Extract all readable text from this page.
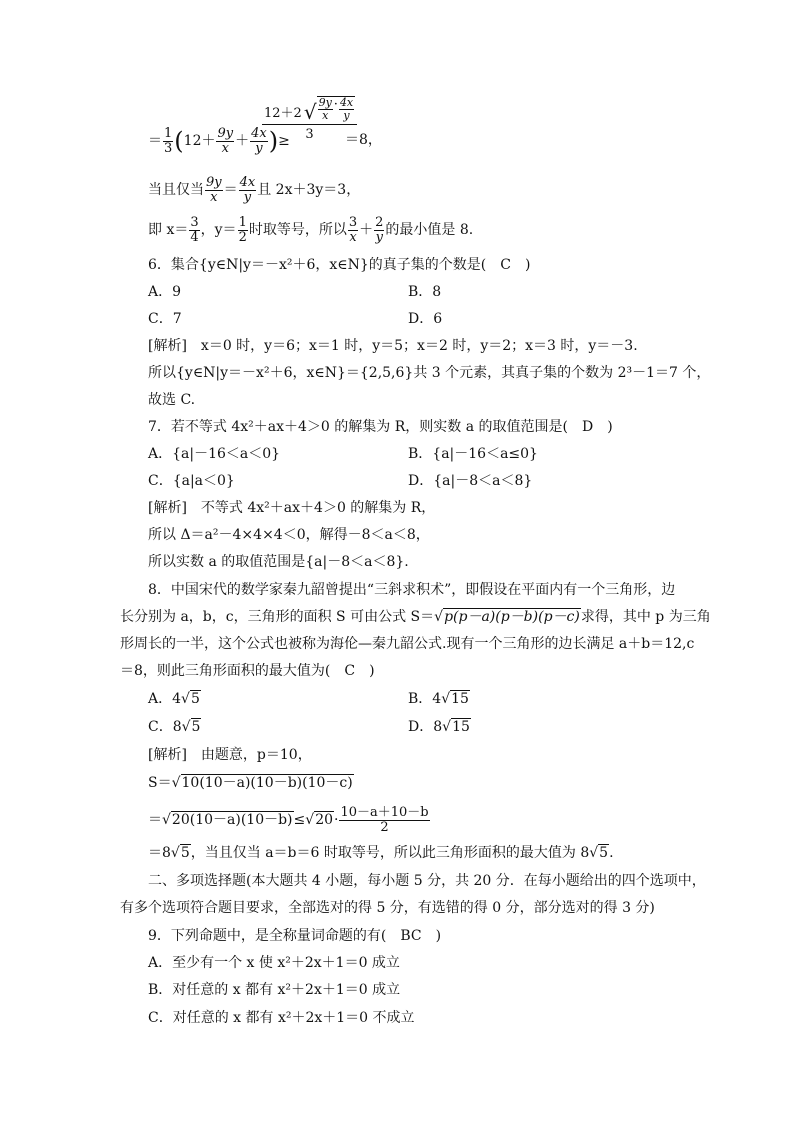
＝ $\frac{1}{3} (12+ \frac{9y}{x} + \frac{4x}{y}$ )≥
12＋2 √ $\frac{9y}{x} \cdot \frac{4x}{y}$
3	＝8，
当且仅当 $\frac{9y}{x} = \frac{4x}{y}$ 且 2x＋3y＝3，
即 $x= \frac{3}{4}$ ，$y= \frac{1}{2}$ 时取等号，所以 $\frac{3}{x} + \frac{2}{y}$ 的最小值是 8.
6．集合{y∈N|y＝－x²＋6，x∈N}的真子集的个数是(　C　)
A．9	B．8
C．7	D．6
[解析]　x＝0 时，y＝6；x＝1 时，y＝5；x＝2 时，y＝2；x＝3 时，y＝－3.
所以{y∈N|y＝－x²＋6，x∈N}＝{2,5,6}共 3 个元素，其真子集的个数为 2³－1＝7 个，
故选 C.
7．若不等式 4x²＋ax＋4＞0 的解集为 R，则实数 a 的取值范围是(　D　)
A．{a|－16＜a＜0}	B．{a|－16＜a≤0}
C．{a|a＜0}	D．{a|－8＜a＜8}
[解析]　不等式 4x²＋ax＋4＞0 的解集为 R，
所以 Δ＝a²－4×4×4＜0，解得－8＜a＜8，
所以实数 a 的取值范围是{a|－8＜a＜8}.
8．中国宋代的数学家秦九韶曾提出“三斜求积术”，即假设在平面内有一个三角形，边
长分别为 a，b，c，三角形的面积 S 可由公式 S＝√p(p－a)(p－b)(p－c)求得，其中 p 为三角
形周长的一半，这个公式也被称为海伦—秦九韶公式.现有一个三角形的边长满足 a＋b＝12,c
＝8，则此三角形面积的最大值为(　C　)
A．4√5	B．4√15
C．8√5	D．8√15
[解析]　由题意，p＝10，
S＝√10(10－a)(10－b)(10－c)
$=√20(10-a)(10-b)\le√20\cdot \frac{10-a+10-b}{2}$
＝8√5，当且仅当 a＝b＝6 时取等号，所以此三角形面积的最大值为 8√5.
二、多项选择题(本大题共 4 小题，每小题 5 分，共 20 分．在每小题给出的四个选项中，
有多个选项符合题目要求，全部选对的得 5 分，有选错的得 0 分，部分选对的得 3 分)
9．下列命题中，是全称量词命题的有(　BC　)
A．至少有一个 x 使 x²＋2x＋1＝0 成立
B．对任意的 x 都有 x²＋2x＋1＝0 成立
C．对任意的 x 都有 x²＋2x＋1＝0 不成立
